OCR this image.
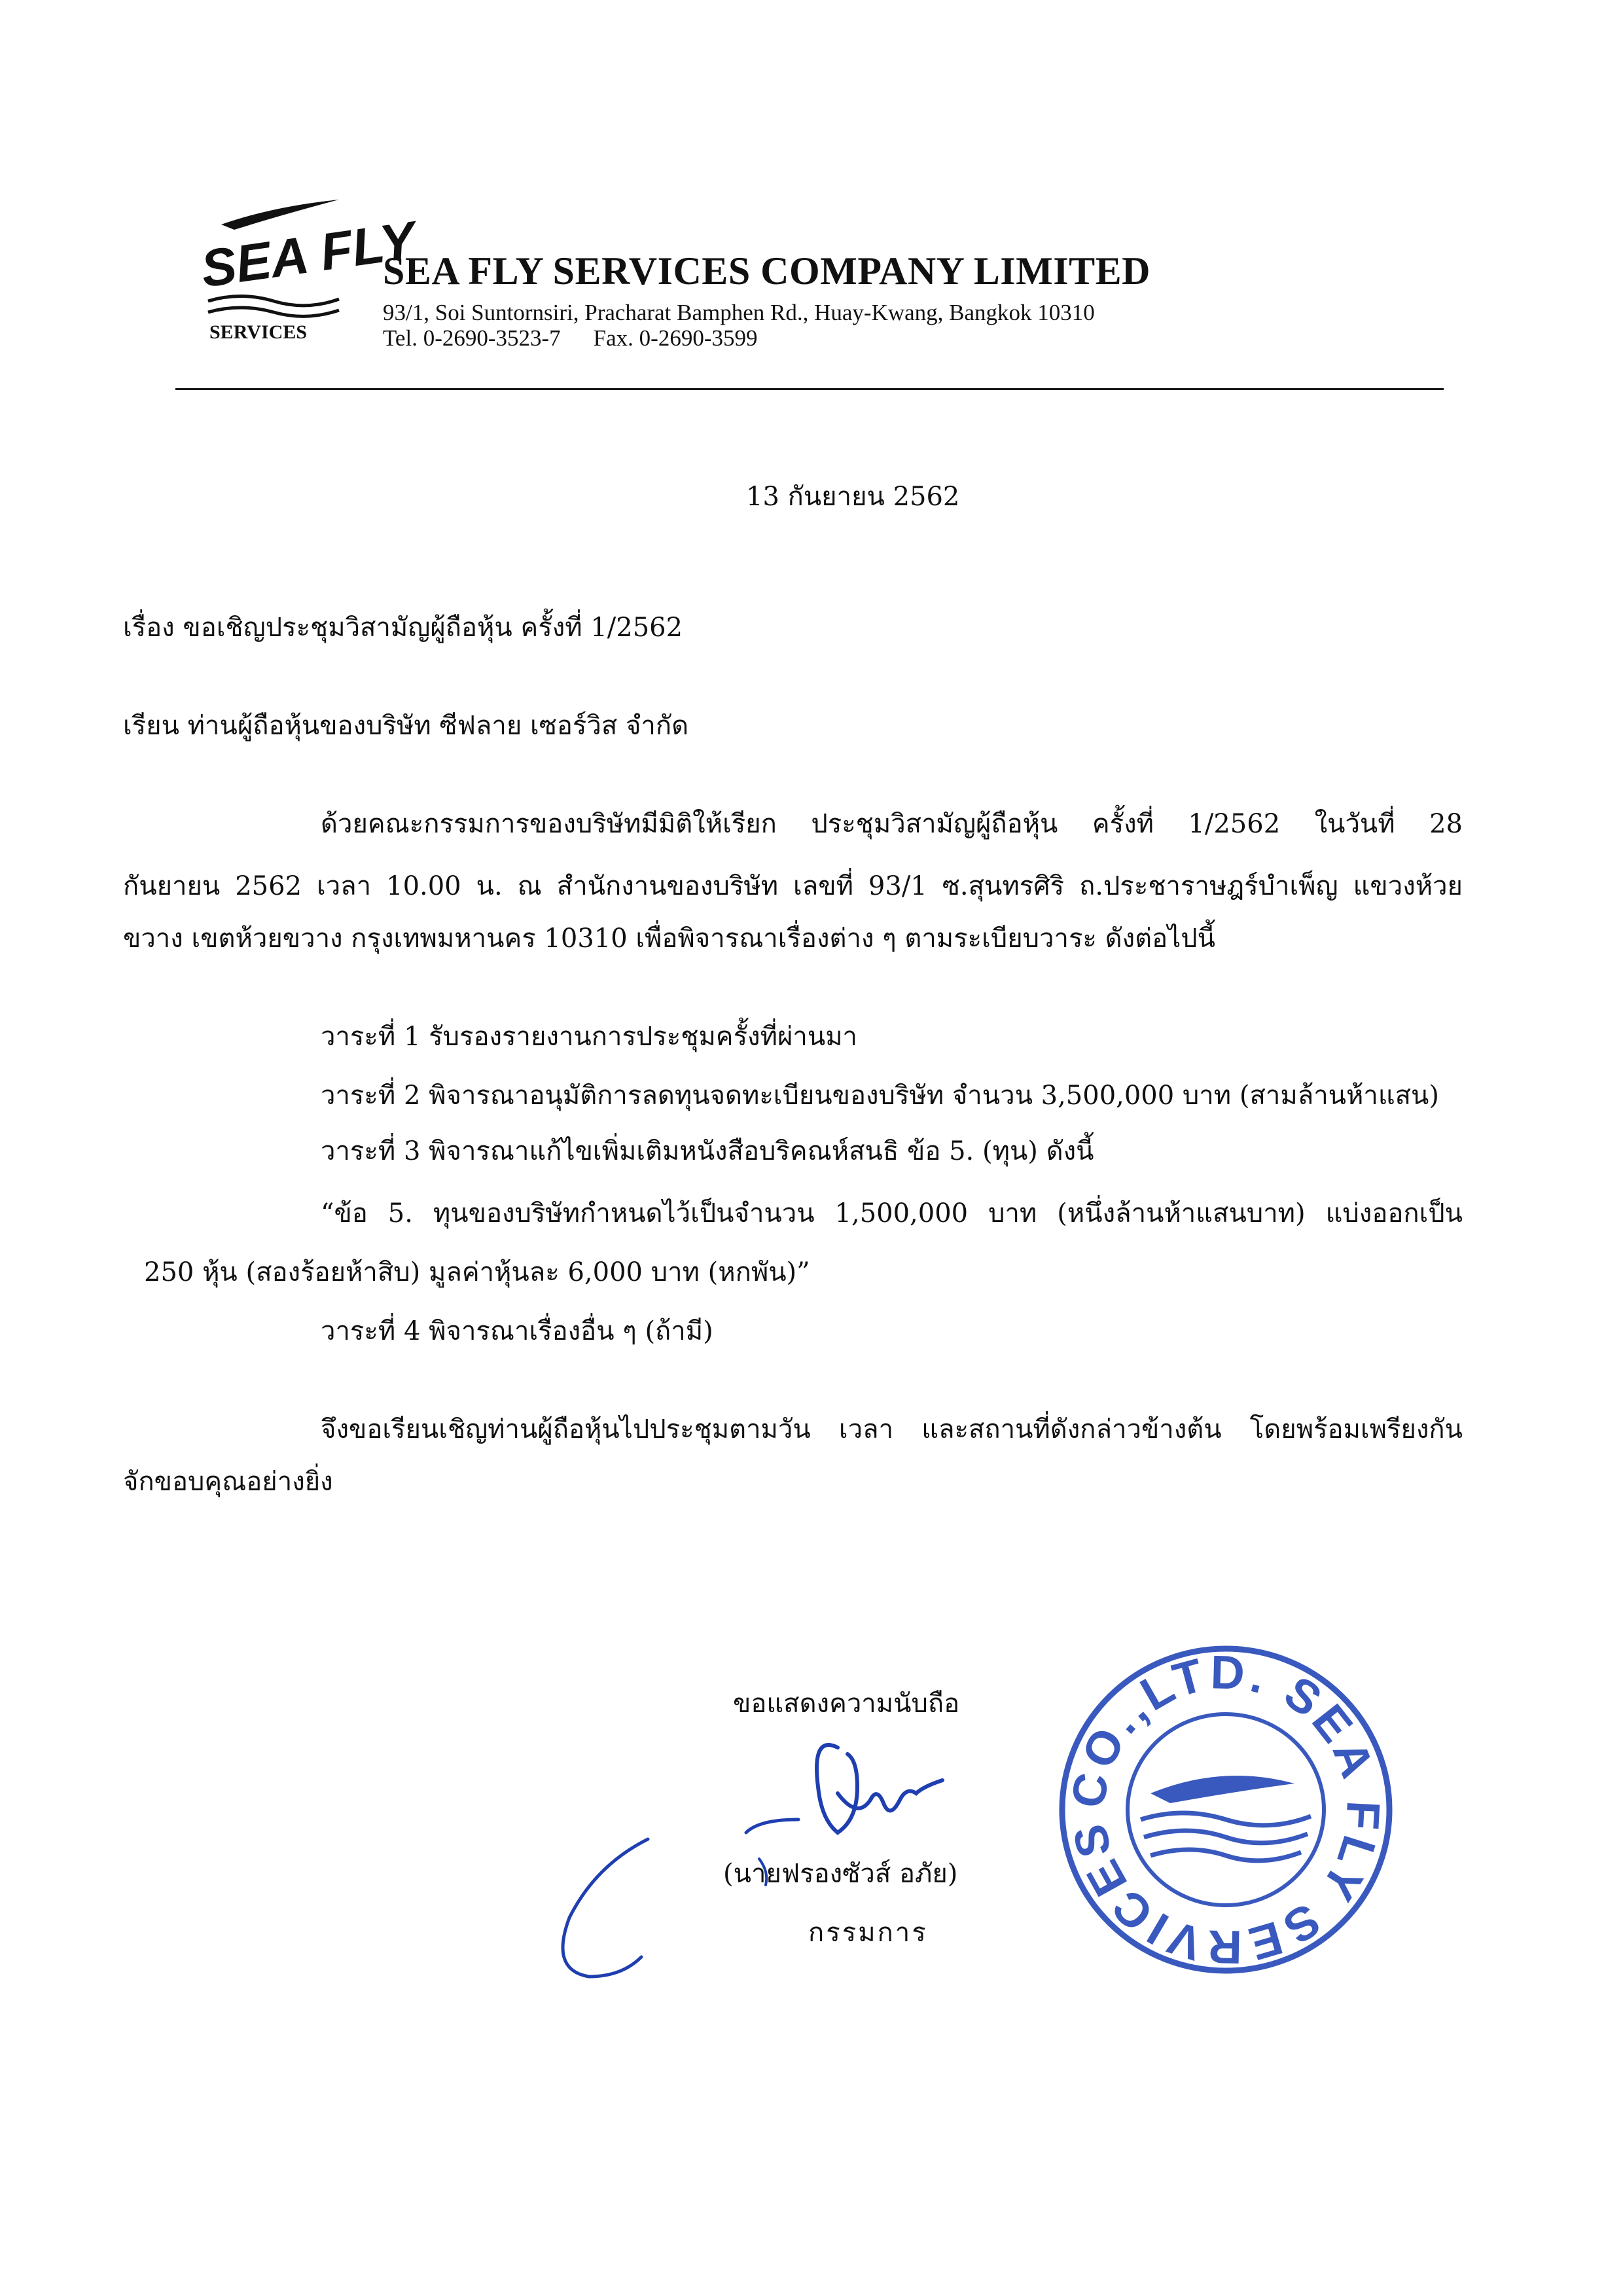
SEA FLY
SERVICES
SEA FLY SERVICES COMPANY LIMITED
93/1, Soi Suntornsiri, Pracharat Bamphen Rd., Huay-Kwang, Bangkok 10310
Tel. 0-2690-3523-7 Fax. 0-2690-3599
13 กันยายน 2562
เรื่อง ขอเชิญประชุมวิสามัญผู้ถือหุ้น ครั้งที่ 1/2562
เรียน ท่านผู้ถือหุ้นของบริษัท ซีฟลาย เซอร์วิส จำกัด
ด้วยคณะกรรมการของบริษัทมีมิติให้เรียก ประชุมวิสามัญผู้ถือหุ้น ครั้งที่ 1/2562 ในวันที่ 28
กันยายน 2562 เวลา 10.00 น. ณ สำนักงานของบริษัท เลขที่ 93/1 ซ.สุนทรศิริ ถ.ประชาราษฎร์บำเพ็ญ แขวงห้วย
ขวาง เขตห้วยขวาง กรุงเทพมหานคร 10310 เพื่อพิจารณาเรื่องต่าง ๆ ตามระเบียบวาระ ดังต่อไปนี้
วาระที่ 1 รับรองรายงานการประชุมครั้งที่ผ่านมา
วาระที่ 2 พิจารณาอนุมัติการลดทุนจดทะเบียนของบริษัท จำนวน 3,500,000 บาท (สามล้านห้าแสน)
วาระที่ 3 พิจารณาแก้ไขเพิ่มเติมหนังสือบริคณห์สนธิ ข้อ 5. (ทุน) ดังนี้
“ข้อ 5. ทุนของบริษัทกำหนดไว้เป็นจำนวน 1,500,000 บาท (หนึ่งล้านห้าแสนบาท) แบ่งออกเป็น
250 หุ้น (สองร้อยห้าสิบ) มูลค่าหุ้นละ 6,000 บาท (หกพัน)”
วาระที่ 4 พิจารณาเรื่องอื่น ๆ (ถ้ามี)
จึงขอเรียนเชิญท่านผู้ถือหุ้นไปประชุมตามวัน เวลา และสถานที่ดังกล่าวข้างต้น โดยพร้อมเพรียงกัน
จักขอบคุณอย่างยิ่ง
ขอแสดงความนับถือ
(นายฟรองซัวส์ อภัย)
กรรมการ
CO.,LTD. SEA FLY SERVICES
